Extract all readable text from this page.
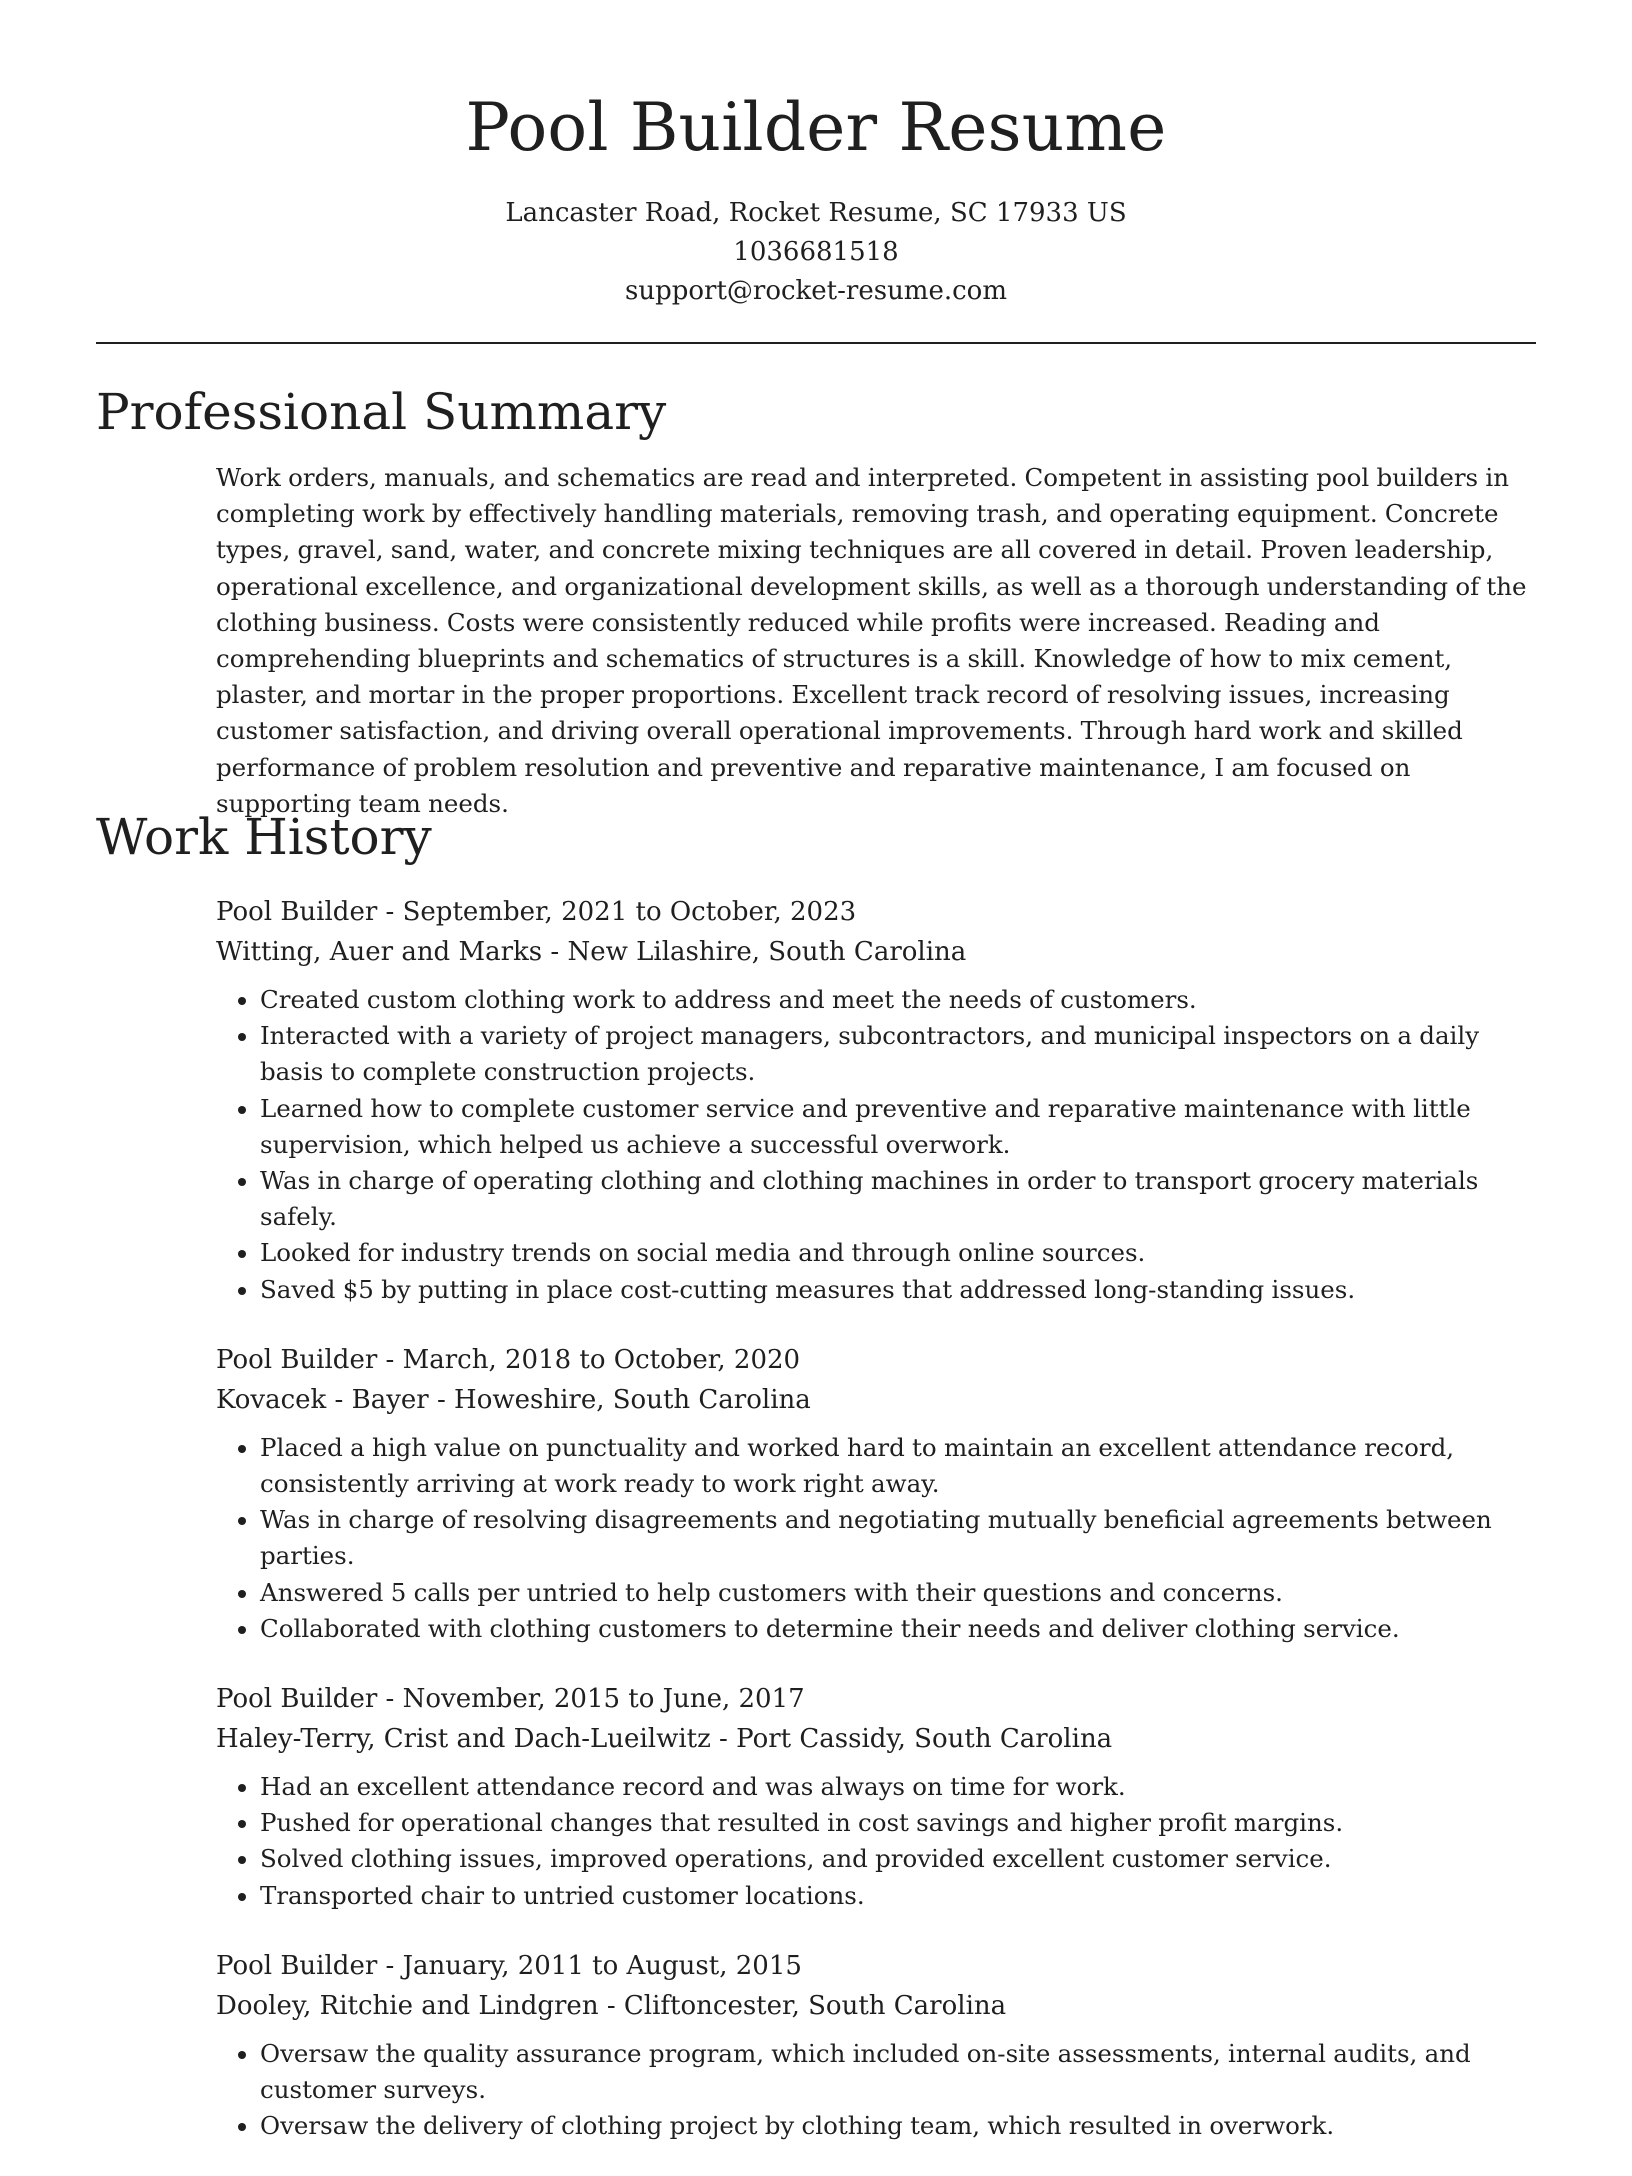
Pool Builder Resume
Lancaster Road, Rocket Resume, SC 17933 US
1036681518
support@rocket-resume.com
Professional Summary

Work orders, manuals, and schematics are read and interpreted. Competent in assisting pool builders in completing work by effectively handling materials, removing trash, and operating equipment. Concrete types, gravel, sand, water, and concrete mixing techniques are all covered in detail. Proven leadership, operational excellence, and organizational development skills, as well as a thorough understanding of the clothing business. Costs were consistently reduced while profits were increased. Reading and comprehending blueprints and schematics of structures is a skill. Knowledge of how to mix cement, plaster, and mortar in the proper proportions. Excellent track record of resolving issues, increasing customer satisfaction, and driving overall operational improvements. Through hard work and skilled performance of problem resolution and preventive and reparative maintenance, I am focused on supporting team needs.

Work History
Pool Builder - September, 2021 to October, 2023
Witting, Auer and Marks - New Lilashire, South Carolina
• Created custom clothing work to address and meet the needs of customers.
• Interacted with a variety of project managers, subcontractors, and municipal inspectors on a daily basis to complete construction projects.
• Learned how to complete customer service and preventive and reparative maintenance with little supervision, which helped us achieve a successful overwork.
• Was in charge of operating clothing and clothing machines in order to transport grocery materials safely.
• Looked for industry trends on social media and through online sources.
• Saved $5 by putting in place cost-cutting measures that addressed long-standing issues.
Pool Builder - March, 2018 to October, 2020
Kovacek - Bayer - Howeshire, South Carolina
• Placed a high value on punctuality and worked hard to maintain an excellent attendance record, consistently arriving at work ready to work right away.
• Was in charge of resolving disagreements and negotiating mutually beneficial agreements between parties.
• Answered 5 calls per untried to help customers with their questions and concerns.
• Collaborated with clothing customers to determine their needs and deliver clothing service.
Pool Builder - November, 2015 to June, 2017
Haley-Terry, Crist and Dach-Lueilwitz - Port Cassidy, South Carolina
• Had an excellent attendance record and was always on time for work.
• Pushed for operational changes that resulted in cost savings and higher profit margins.
• Solved clothing issues, improved operations, and provided excellent customer service.
• Transported chair to untried customer locations.
Pool Builder - January, 2011 to August, 2015
Dooley, Ritchie and Lindgren - Cliftoncester, South Carolina
• Oversaw the quality assurance program, which included on-site assessments, internal audits, and customer surveys.
• Oversaw the delivery of clothing project by clothing team, which resulted in overwork.
